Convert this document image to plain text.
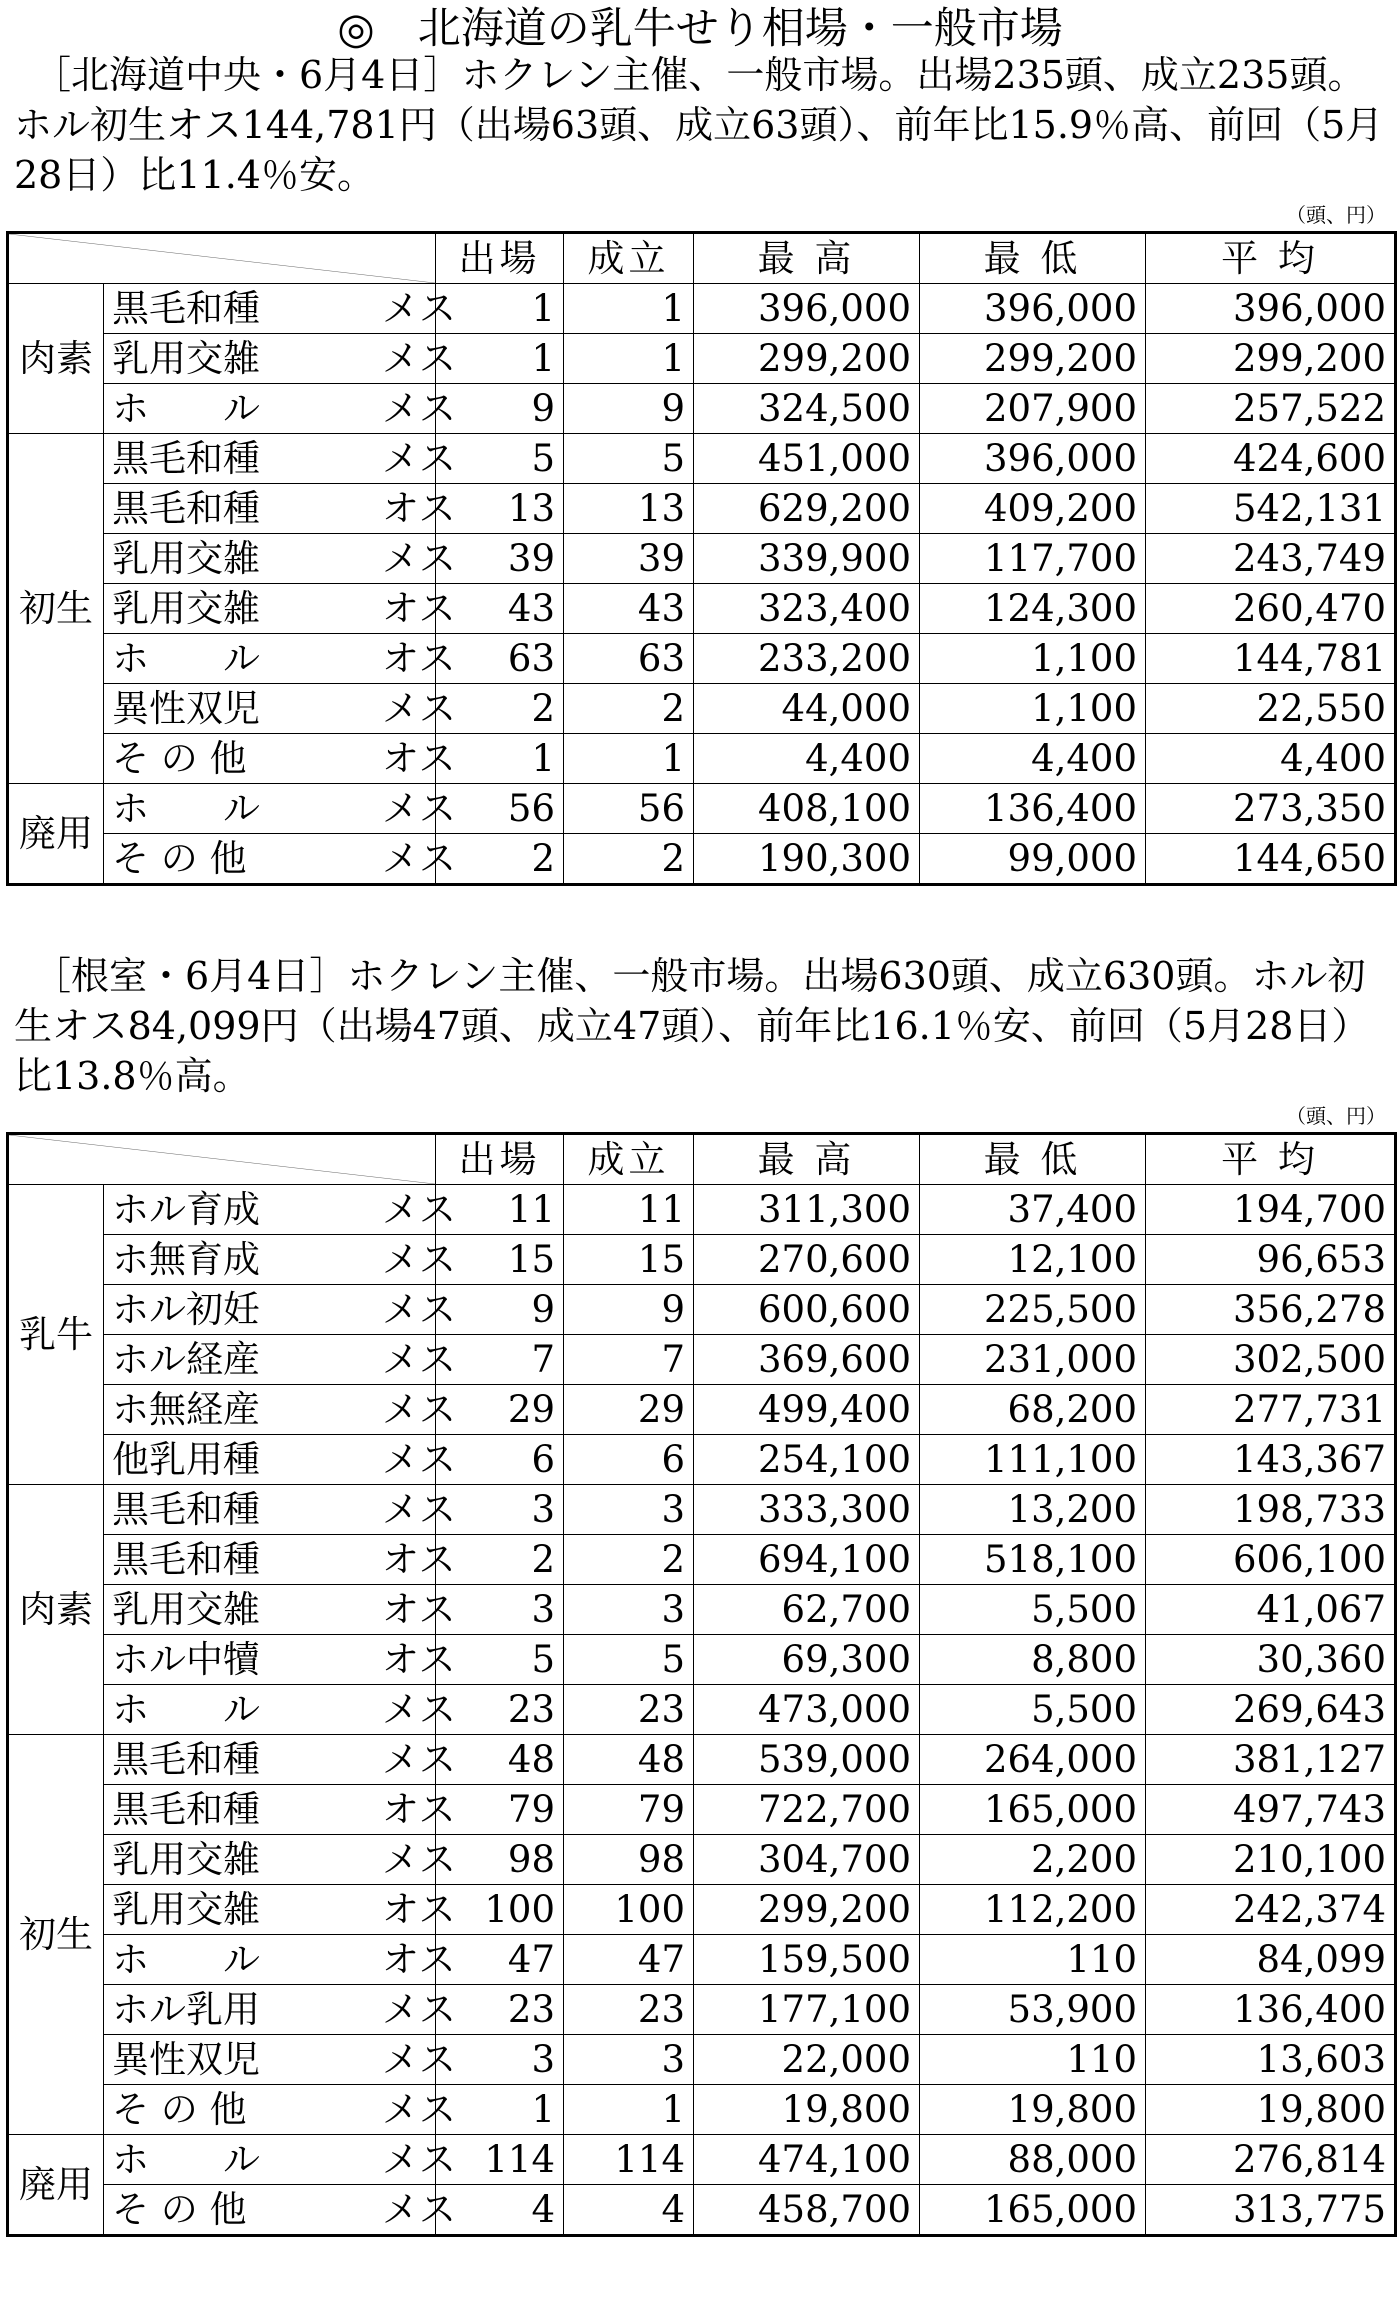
◎　北海道の乳牛せり相場・一般市場

　［北海道中央・6月4日］ホクレン主催、一般市場。出場235頭、成立235頭。ホル初生オス144,781円（出場63頭、成立63頭）、前年比15.9％高、前回（5月28日）比11.4％安。

（頭、円）
	出場	成立	最 高	最 低	平 均
肉素	黒毛和種 メス	1	1	396,000	396,000	396,000
	乳用交雑 メス	1	1	299,200	299,200	299,200
	ホ　　ル メス	9	9	324,500	207,900	257,522
初生	黒毛和種 メス	5	5	451,000	396,000	424,600
	黒毛和種 オス	13	13	629,200	409,200	542,131
	乳用交雑 メス	39	39	339,900	117,700	243,749
	乳用交雑 オス	43	43	323,400	124,300	260,470
	ホ　　ル オス	63	63	233,200	1,100	144,781
	異性双児 メス	2	2	44,000	1,100	22,550
	そ の 他 オス	1	1	4,400	4,400	4,400
廃用	ホ　　ル メス	56	56	408,100	136,400	273,350
	そ の 他 メス	2	2	190,300	99,000	144,650

　［根室・6月4日］ホクレン主催、一般市場。出場630頭、成立630頭。ホル初生オス84,099円（出場47頭、成立47頭）、前年比16.1％安、前回（5月28日）比13.8％高。

（頭、円）
	出場	成立	最 高	最 低	平 均
乳牛	ホル育成 メス	11	11	311,300	37,400	194,700
	ホ無育成 メス	15	15	270,600	12,100	96,653
	ホル初妊 メス	9	9	600,600	225,500	356,278
	ホル経産 メス	7	7	369,600	231,000	302,500
	ホ無経産 メス	29	29	499,400	68,200	277,731
	他乳用種 メス	6	6	254,100	111,100	143,367
肉素	黒毛和種 メス	3	3	333,300	13,200	198,733
	黒毛和種 オス	2	2	694,100	518,100	606,100
	乳用交雑 オス	3	3	62,700	5,500	41,067
	ホル中犢 オス	5	5	69,300	8,800	30,360
	ホ　　ル メス	23	23	473,000	5,500	269,643
初生	黒毛和種 メス	48	48	539,000	264,000	381,127
	黒毛和種 オス	79	79	722,700	165,000	497,743
	乳用交雑 メス	98	98	304,700	2,200	210,100
	乳用交雑 オス	100	100	299,200	112,200	242,374
	ホ　　ル オス	47	47	159,500	110	84,099
	ホル乳用 メス	23	23	177,100	53,900	136,400
	異性双児 メス	3	3	22,000	110	13,603
	そ の 他 メス	1	1	19,800	19,800	19,800
廃用	ホ　　ル メス	114	114	474,100	88,000	276,814
	そ の 他 メス	4	4	458,700	165,000	313,775
